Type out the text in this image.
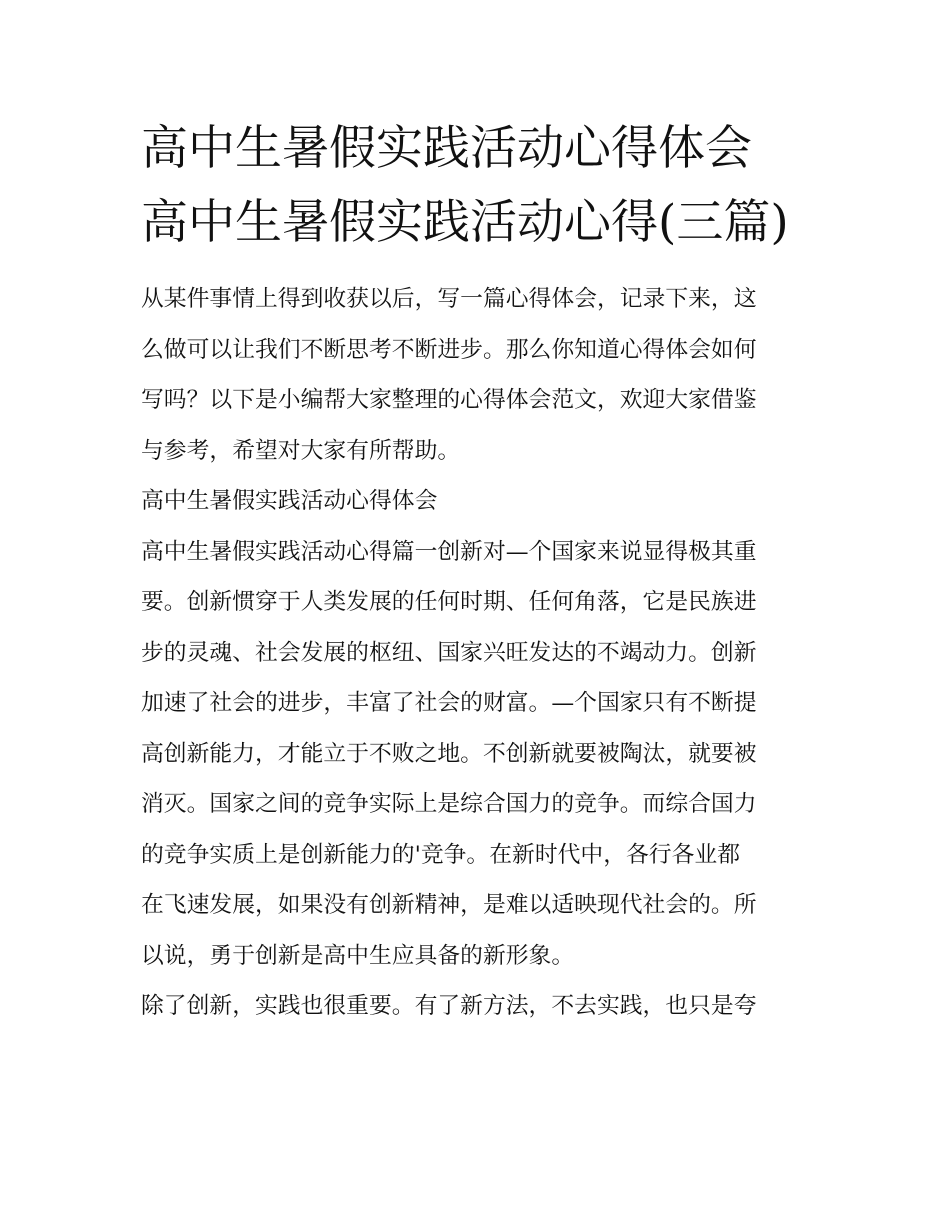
高中生暑假实践活动心得体会 高中生暑假实践活动心得(三篇)
从某件事情上得到收获以后，写一篇心得体会，记录下来，这
么做可以让我们不断思考不断进步。那么你知道心得体会如何
写吗？以下是小编帮大家整理的心得体会范文，欢迎大家借鉴
与参考，希望对大家有所帮助。
高中生暑假实践活动心得体会
高中生暑假实践活动心得篇一创新对—个国家来说显得极其重
要。创新惯穿于人类发展的任何时期、任何角落，它是民族进
步的灵魂、社会发展的枢纽、国家兴旺发达的不竭动力。创新
加速了社会的进步，丰富了社会的财富。—个国家只有不断提
高创新能力，才能立于不败之地。不创新就要被陶汰，就要被
消灭。国家之间的竞争实际上是综合国力的竞争。而综合国力
的竞争实质上是创新能力的'竞争。在新时代中，各行各业都
在飞速发展，如果没有创新精神，是难以适映现代社会的。所
以说，勇于创新是高中生应具备的新形象。
除了创新，实践也很重要。有了新方法，不去实践，也只是夸
